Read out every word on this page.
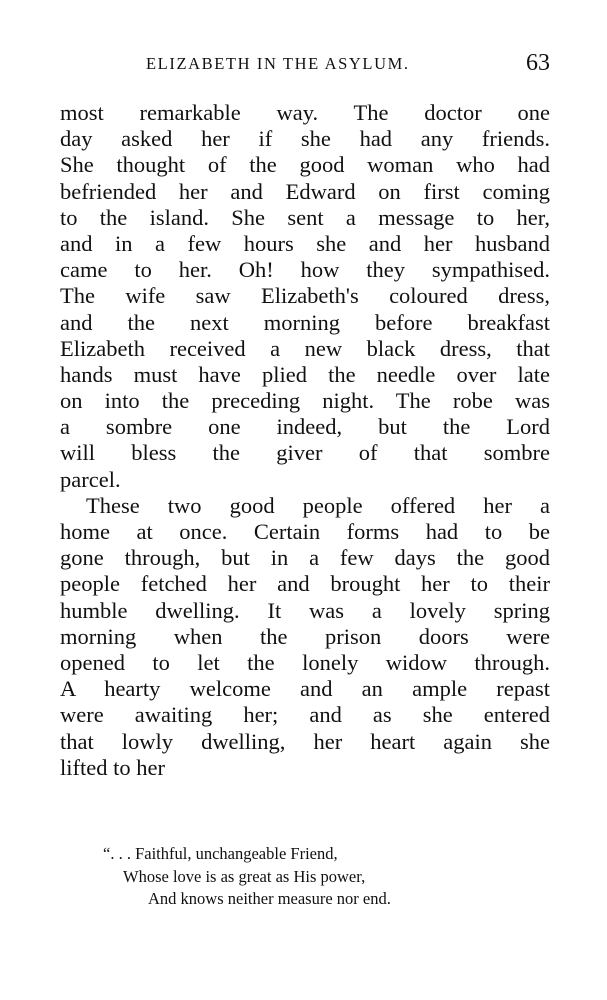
ELIZABETH IN THE ASYLUM.	63
most remarkable way. The doctor one
day asked her if she had any friends.
She thought of the good woman who had
befriended her and Edward on first coming
to the island. She sent a message to her,
and in a few hours she and her husband
came to her. Oh! how they sympathised.
The wife saw Elizabeth's coloured dress,
and the next morning before breakfast
Elizabeth received a new black dress, that
hands must have plied the needle over late
on into the preceding night. The robe was
a sombre one indeed, but the Lord
will bless the giver of that sombre
parcel.
These two good people offered her a
home at once. Certain forms had to be
gone through, but in a few days the good
people fetched her and brought her to their
humble dwelling. It was a lovely spring
morning when the prison doors were
opened to let the lonely widow through.
A hearty welcome and an ample repast
were awaiting her; and as she entered
that lowly dwelling, her heart again she
lifted to her
“. . . Faithful, unchangeable Friend,
Whose love is as great as His power,
And knows neither measure nor end.
